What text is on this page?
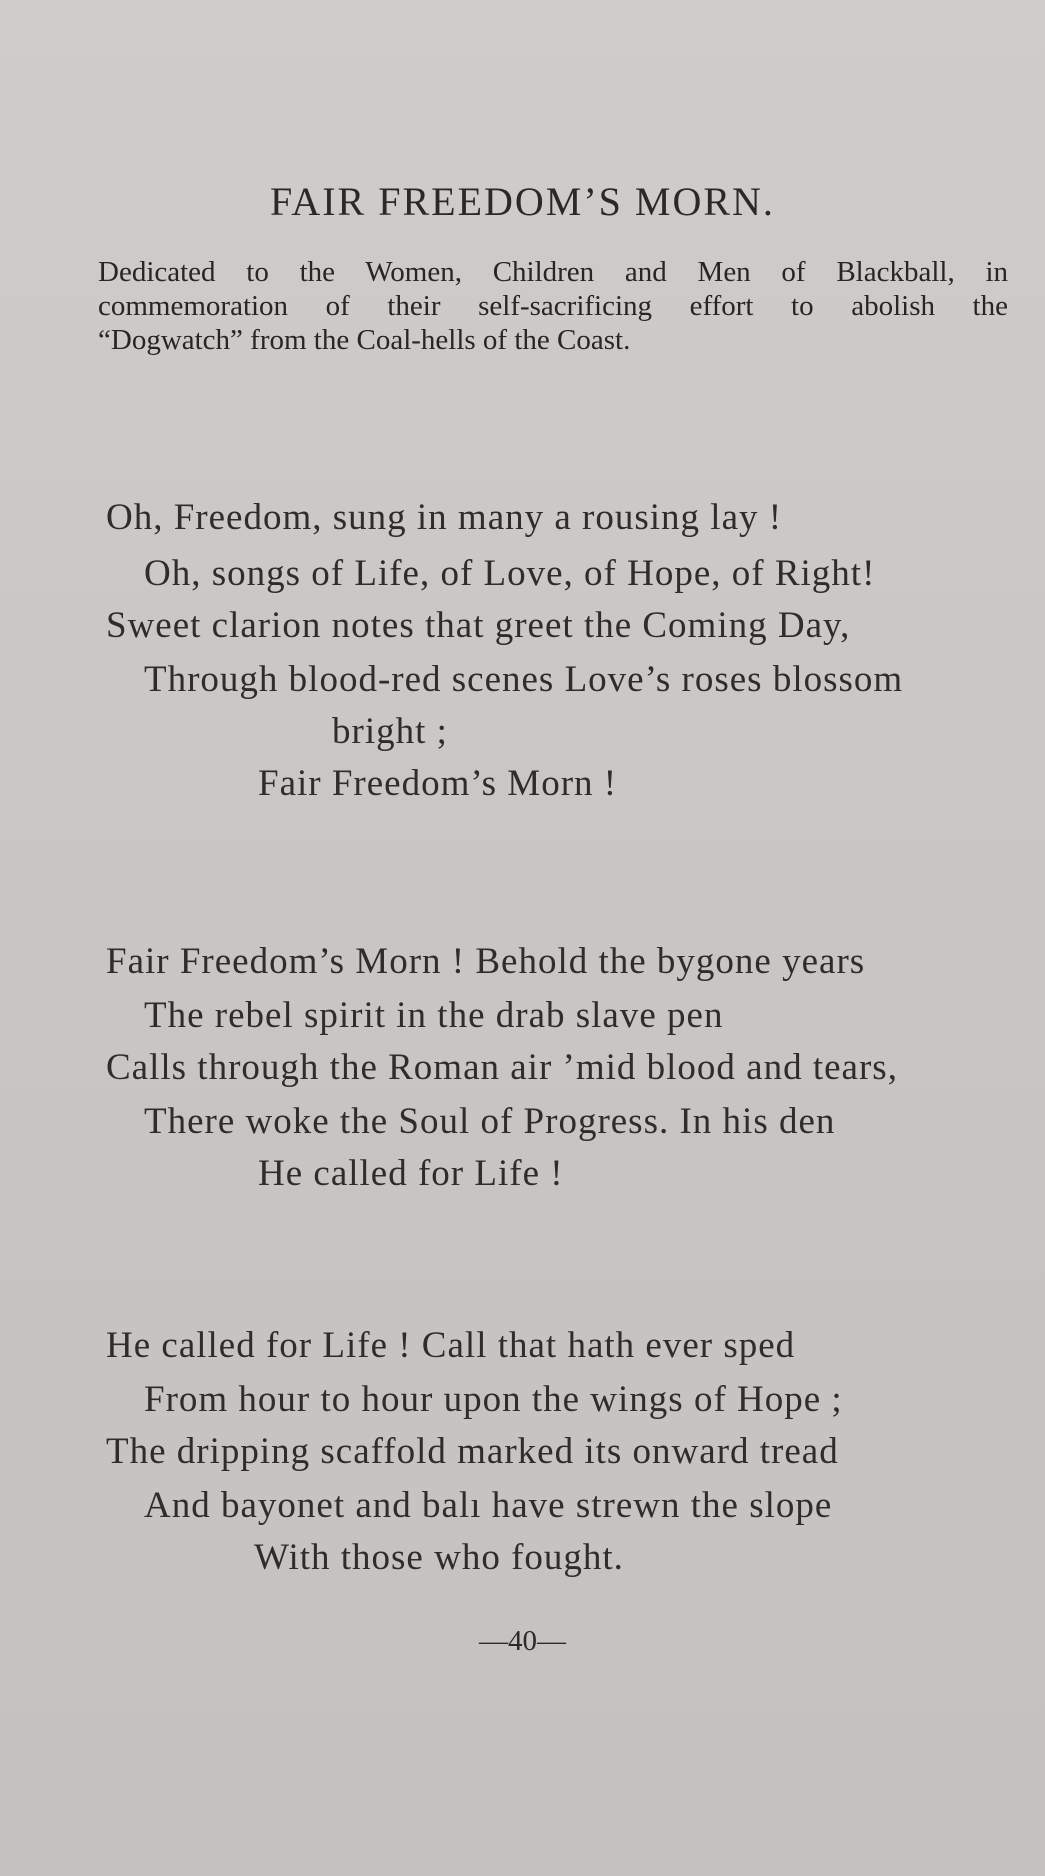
FAIR FREEDOM’S MORN.
Dedicated to the Women, Children and Men of Blackball, in
commemoration of their self-sacrificing effort to abolish the
“Dogwatch” from the Coal-hells of the Coast.
Oh, Freedom, sung in many a rousing lay !
Oh, songs of Life, of Love, of Hope, of Right!
Sweet clarion notes that greet the Coming Day,
Through blood-red scenes Love’s roses blossom
bright ;
Fair Freedom’s Morn !
Fair Freedom’s Morn ! Behold the bygone years
The rebel spirit in the drab slave pen
Calls through the Roman air ’mid blood and tears,
There woke the Soul of Progress. In his den
He called for Life !
He called for Life ! Call that hath ever sped
From hour to hour upon the wings of Hope ;
The dripping scaffold marked its onward tread
And bayonet and balı have strewn the slope
With those who fought.
—40—
